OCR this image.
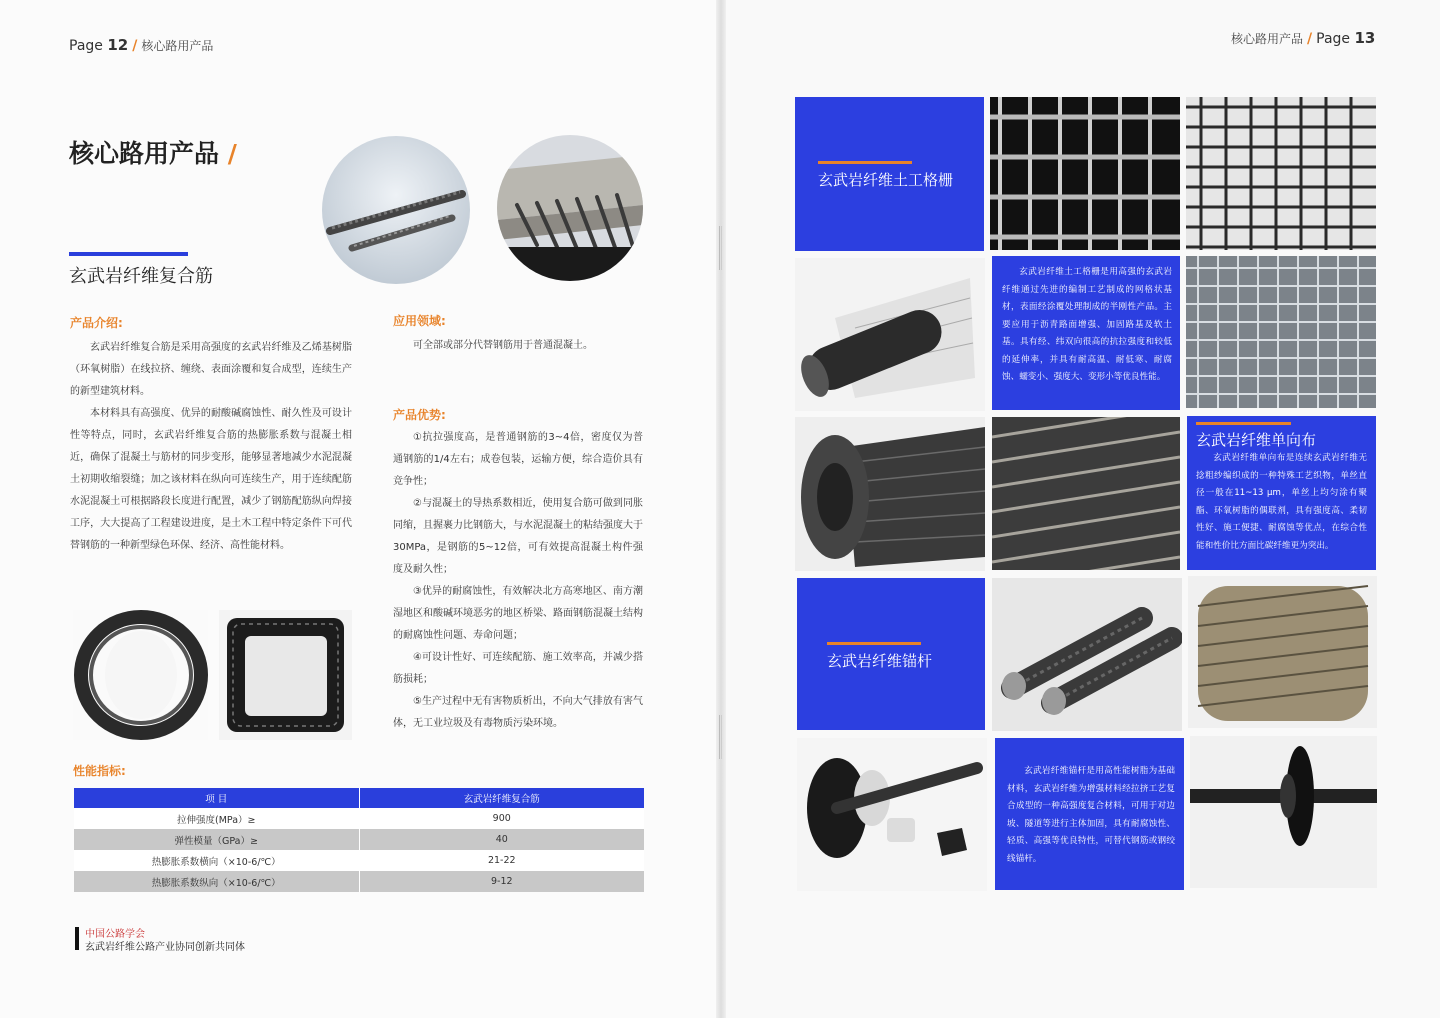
Page 12 / 核心路用产品
核心路用产品 /
玄武岩纤维复合筋
产品介绍:

玄武岩纤维复合筋是采用高强度的玄武岩纤维及乙烯基树脂（环氧树脂）在线拉挤、缠绕、表面涂覆和复合成型，连续生产的新型建筑材料。

本材料具有高强度、优异的耐酸碱腐蚀性、耐久性及可设计性等特点，同时，玄武岩纤维复合筋的热膨胀系数与混凝土相近，确保了混凝土与筋材的同步变形，能够显著地减少水泥混凝土初期收缩裂缝；加之该材料在纵向可连续生产，用于连续配筋水泥混凝土可根据路段长度进行配置，减少了钢筋配筋纵向焊接工序，大大提高了工程建设进度，是土木工程中特定条件下可代替钢筋的一种新型绿色环保、经济、高性能材料。

应用领域:

可全部或部分代替钢筋用于普通混凝土。

产品优势:

①抗拉强度高，是普通钢筋的3~4倍，密度仅为普通钢筋的1/4左右；成卷包装，运输方便，综合造价具有竞争性；

②与混凝土的导热系数相近，使用复合筋可做到同胀同缩，且握裹力比钢筋大，与水泥混凝土的粘结强度大于30MPa，是钢筋的5~12倍，可有效提高混凝土构件强度及耐久性；

③优异的耐腐蚀性，有效解决北方高寒地区、南方潮湿地区和酸碱环境恶劣的地区桥梁、路面钢筋混凝土结构的耐腐蚀性问题、寿命问题；

④可设计性好、可连续配筋、施工效率高，并减少搭筋损耗；

⑤生产过程中无有害物质析出，不向大气排放有害气体，无工业垃圾及有毒物质污染环境。

性能指标:
项 目	玄武岩纤维复合筋
拉伸强度(MPa）≥	900
弹性模量（GPa）≥	40
热膨胀系数横向（×10-6/℃）	21-22
热膨胀系数纵向（×10-6/℃）	9-12
中国公路学会
玄武岩纤维公路产业协同创新共同体
核心路用产品 / Page 13
玄武岩纤维土工格栅

玄武岩纤维土工格栅是用高强的玄武岩纤维通过先进的编制工艺制成的网格状基材，表面经涂覆处理制成的半刚性产品。主要应用于沥青路面增强、加固路基及软土基。具有经、纬双向很高的抗拉强度和较低的延伸率，并具有耐高温、耐低寒、耐腐蚀、蠕变小、强度大、变形小等优良性能。

玄武岩纤维单向布

玄武岩纤维单向布是连续玄武岩纤维无捻粗纱编织成的一种特殊工艺织物，单丝直径一般在11~13 μm，单丝上均匀涂有聚酯、环氧树脂的偶联剂，具有强度高、柔韧性好、施工便捷、耐腐蚀等优点，在综合性能和性价比方面比碳纤维更为突出。

玄武岩纤维锚杆

玄武岩纤维锚杆是用高性能树脂为基础材料，玄武岩纤维为增强材料经拉挤工艺复合成型的一种高强度复合材料，可用于对边坡、隧道等进行主体加固，具有耐腐蚀性、轻质、高强等优良特性，可替代钢筋或钢绞线锚杆。
